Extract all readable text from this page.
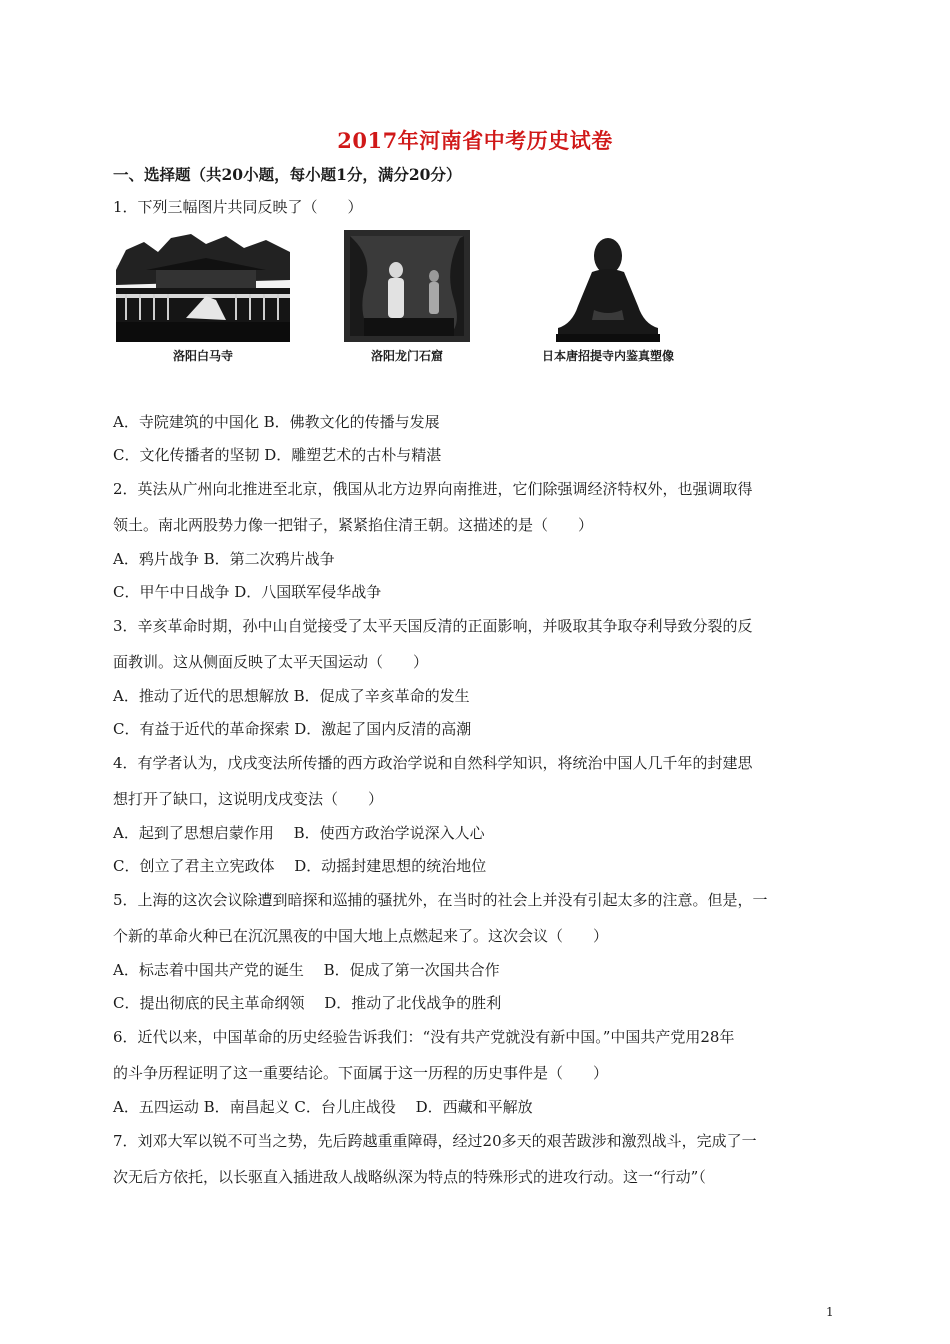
2017年河南省中考历史试卷
一、选择题（共20小题，每小题1分，满分20分）
1．下列三幅图片共同反映了（　　）
洛阳白马寺	洛阳龙门石窟	日本唐招提寺内鉴真塑像
A．寺院建筑的中国化 B．佛教文化的传播与发展
C．文化传播者的坚韧 D．雕塑艺术的古朴与精湛
2．英法从广州向北推进至北京，俄国从北方边界向南推进，它们除强调经济特权外，也强调取得
领土。南北两股势力像一把钳子，紧紧掐住清王朝。这描述的是（　　）
A．鸦片战争 B．第二次鸦片战争
C．甲午中日战争 D．八国联军侵华战争
3．辛亥革命时期，孙中山自觉接受了太平天国反清的正面影响，并吸取其争取夺利导致分裂的反
面教训。这从侧面反映了太平天国运动（　　）
A．推动了近代的思想解放 B．促成了辛亥革命的发生
C．有益于近代的革命探索 D．激起了国内反清的高潮
4．有学者认为，戊戌变法所传播的西方政治学说和自然科学知识，将统治中国人几千年的封建思
想打开了缺口，这说明戊戌变法（　　）
A．起到了思想启蒙作用　 B．使西方政治学说深入人心
C．创立了君主立宪政体　 D．动摇封建思想的统治地位
5．上海的这次会议除遭到暗探和巡捕的骚扰外，在当时的社会上并没有引起太多的注意。但是，一
个新的革命火种已在沉沉黑夜的中国大地上点燃起来了。这次会议（　　）
A．标志着中国共产党的诞生　 B．促成了第一次国共合作
C．提出彻底的民主革命纲领　 D．推动了北伐战争的胜利
6．近代以来，中国革命的历史经验告诉我们：“没有共产党就没有新中国。”中国共产党用28年
的斗争历程证明了这一重要结论。下面属于这一历程的历史事件是（　　）
A．五四运动 B．南昌起义 C．台儿庄战役　 D．西藏和平解放
7．刘邓大军以锐不可当之势，先后跨越重重障碍，经过20多天的艰苦跋涉和激烈战斗，完成了一
次无后方依托，以长驱直入插进敌人战略纵深为特点的特殊形式的进攻行动。这一“行动”（
1
